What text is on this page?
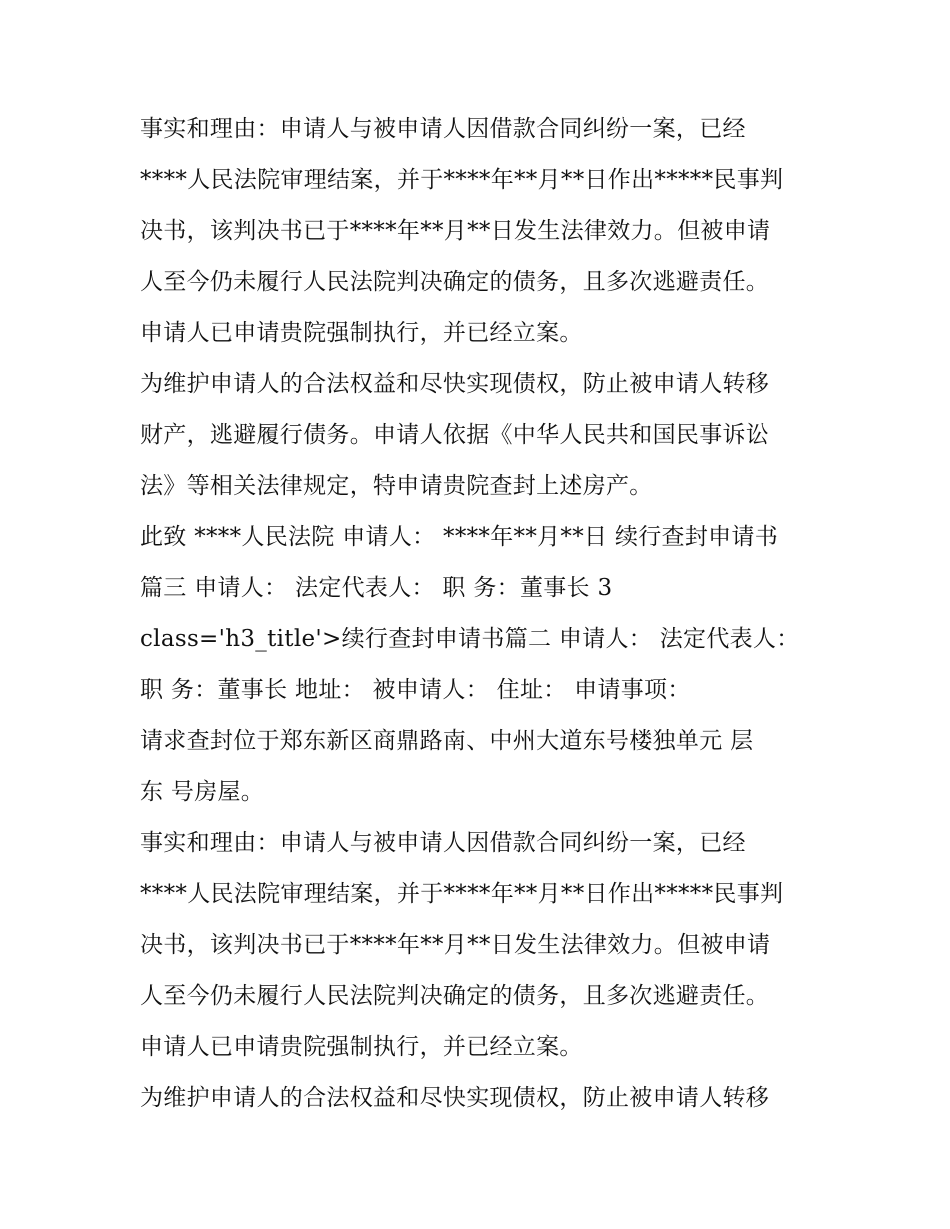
事实和理由：申请人与被申请人因借款合同纠纷一案，已经
****人民法院审理结案，并于****年**月**日作出*****民事判
决书，该判决书已于****年**月**日发生法律效力。但被申请
人至今仍未履行人民法院判决确定的债务，且多次逃避责任。
申请人已申请贵院强制执行，并已经立案。
为维护申请人的合法权益和尽快实现债权，防止被申请人转移
财产，逃避履行债务。申请人依据《中华人民共和国民事诉讼
法》等相关法律规定，特申请贵院查封上述房产。
此致 ****人民法院 申请人： ****年**月**日 续行查封申请书
篇三 申请人： 法定代表人： 职 务：董事长 3
class='h3_title'>续行查封申请书篇二 申请人： 法定代表人：
职 务：董事长 地址： 被申请人： 住址： 申请事项：
请求查封位于郑东新区商鼎路南、中州大道东号楼独单元 层
东 号房屋。
事实和理由：申请人与被申请人因借款合同纠纷一案，已经
****人民法院审理结案，并于****年**月**日作出*****民事判
决书，该判决书已于****年**月**日发生法律效力。但被申请
人至今仍未履行人民法院判决确定的债务，且多次逃避责任。
申请人已申请贵院强制执行，并已经立案。
为维护申请人的合法权益和尽快实现债权，防止被申请人转移
